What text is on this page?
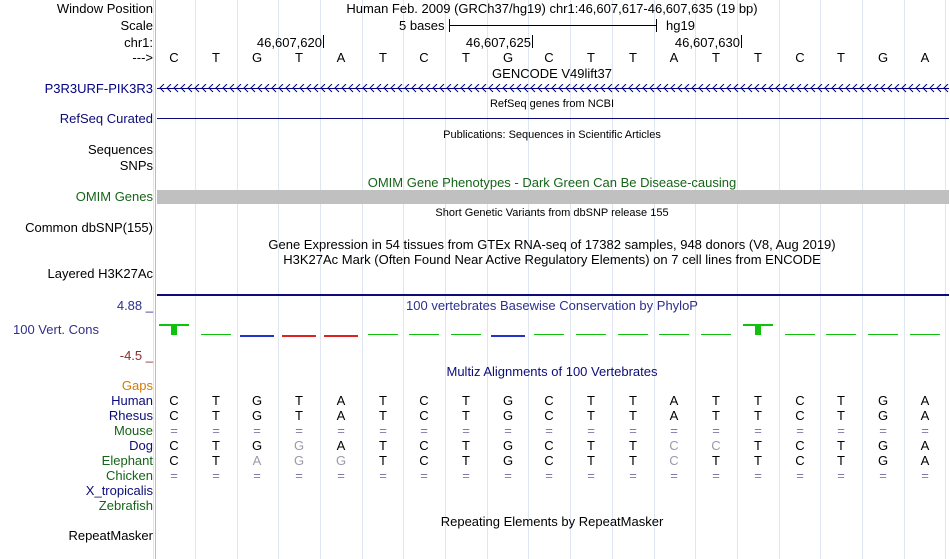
Window Position	Human Feb. 2009 (GRCh37/hg19) chr1:46,607,617-46,607,635 (19 bp)
Scale	5 bases	hg19
chr1:	46,607,620	46,607,625	46,607,630
--->	C	T	G	T	A	T	C	T	G	C	T	T	A	T	T	C	T	G	A
GENCODE V49lift37
P3R3URF-PIK3R3
RefSeq genes from NCBI
RefSeq Curated
Publications: Sequences in Scientific Articles
Sequences
SNPs
OMIM Gene Phenotypes - Dark Green Can Be Disease-causing
OMIM Genes
Short Genetic Variants from dbSNP release 155
Common dbSNP(155)
Gene Expression in 54 tissues from GTEx RNA-seq of 17382 samples, 948 donors (V8, Aug 2019)
H3K27Ac Mark (Often Found Near Active Regulatory Elements) on 7 cell lines from ENCODE
Layered H3K27Ac
100 vertebrates Basewise Conservation by PhyloP
4.88 _
100 Vert. Cons
-4.5 _
Multiz Alignments of 100 Vertebrates
Gaps
Human	C	T	G	T	A	T	C	T	G	C	T	T	A	T	T	C	T	G	A
Rhesus	C	T	G	T	A	T	C	T	G	C	T	T	A	T	T	C	T	G	A
Mouse	=	=	=	=	=	=	=	=	=	=	=	=	=	=	=	=	=	=	=
Dog	C	T	G	G	A	T	C	T	G	C	T	T	C	C	T	C	T	G	A
Elephant	C	T	A	G	G	T	C	T	G	C	T	T	C	T	T	C	T	G	A
Chicken	=	=	=	=	=	=	=	=	=	=	=	=	=	=	=	=	=	=	=
X_tropicalis
Zebrafish
Repeating Elements by RepeatMasker
RepeatMasker
